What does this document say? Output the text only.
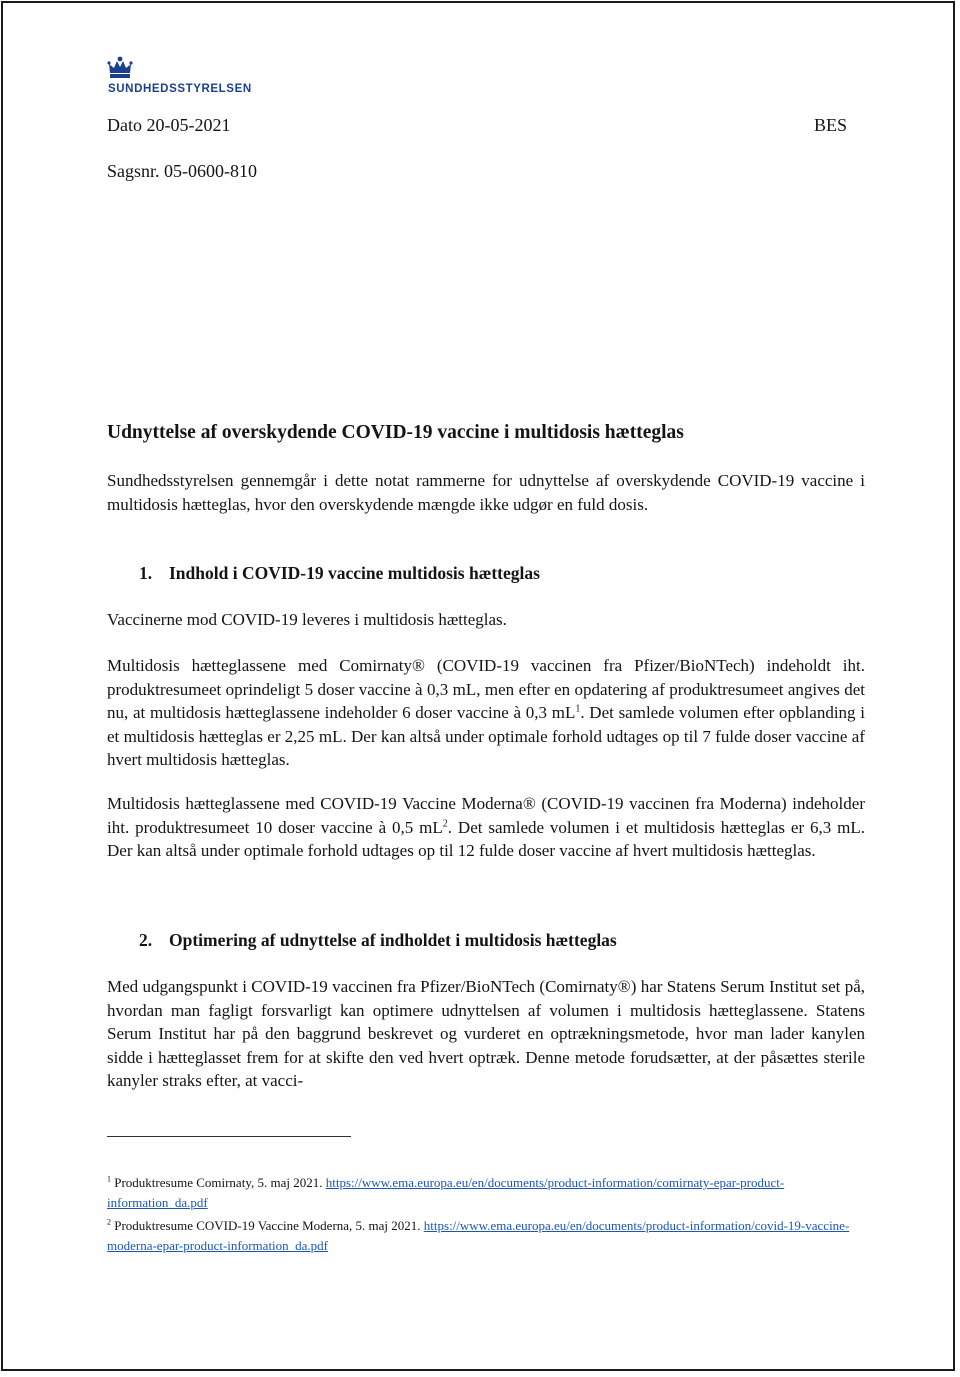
SUNDHEDSSTYRELSEN
Dato 20-05-2021	BES
Sagsnr. 05-0600-810
Udnyttelse af overskydende COVID-19 vaccine i multidosis hætteglas
Sundhedsstyrelsen gennemgår i dette notat rammerne for udnyttelse af overskydende COVID-19 vaccine i multidosis hætteglas, hvor den overskydende mængde ikke udgør en fuld dosis.
1. Indhold i COVID-19 vaccine multidosis hætteglas
Vaccinerne mod COVID-19 leveres i multidosis hætteglas.
Multidosis hætteglassene med Comirnaty® (COVID-19 vaccinen fra Pfizer/BioNTech) indeholdt iht. produktresumeet oprindeligt 5 doser vaccine à 0,3 mL, men efter en opdatering af produktresumeet angives det nu, at multidosis hætteglassene indeholder 6 doser vaccine à 0,3 $mL^1$. Det samlede volumen efter opblanding i et multidosis hætteglas er 2,25 mL. Der kan altså under optimale forhold udtages op til 7 fulde doser vaccine af hvert multidosis hætteglas.
Multidosis hætteglassene med COVID-19 Vaccine Moderna® (COVID-19 vaccinen fra Moderna) indeholder iht. produktresumeet 10 doser vaccine à 0,5 $mL^2$. Det samlede volumen i et multidosis hætteglas er 6,3 mL. Der kan altså under optimale forhold udtages op til 12 fulde doser vaccine af hvert multidosis hætteglas.
2. Optimering af udnyttelse af indholdet i multidosis hætteglas
Med udgangspunkt i COVID-19 vaccinen fra Pfizer/BioNTech (Comirnaty®) har Statens Serum Institut set på, hvordan man fagligt forsvarligt kan optimere udnyttelsen af volumen i multidosis hætteglassene. Statens Serum Institut har på den baggrund beskrevet og vurderet en optrækningsmetode, hvor man lader kanylen sidde i hætteglasset frem for at skifte den ved hvert optræk. Denne metode forudsætter, at der påsættes sterile kanyler straks efter, at vacci-
$^1$ Produktresume Comirnaty, 5. maj 2021. https://www.ema.europa.eu/en/documents/product-information/comirnaty-epar-product-information_da.pdf
$^2$ Produktresume COVID-19 Vaccine Moderna, 5. maj 2021. https://www.ema.europa.eu/en/documents/product-information/covid-19-vaccine-moderna-epar-product-information_da.pdf
